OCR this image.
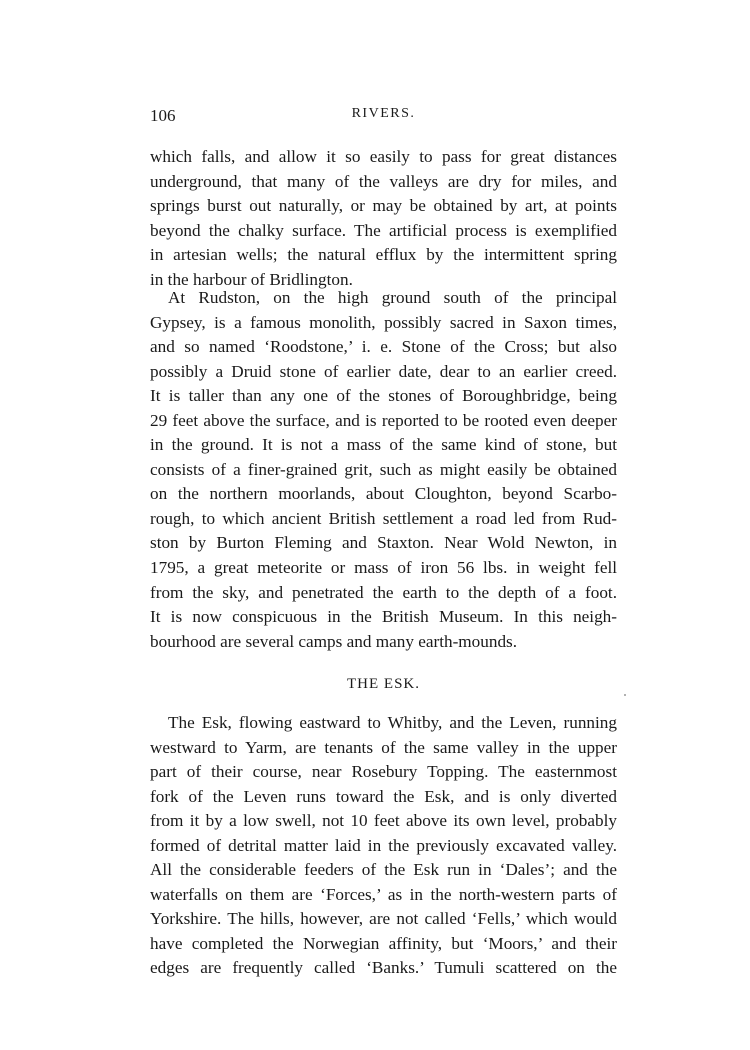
106	RIVERS.
which falls, and allow it so easily to pass for great distances
underground, that many of the valleys are dry for miles, and
springs burst out naturally, or may be obtained by art, at points
beyond the chalky surface. The artificial process is exemplified
in artesian wells; the natural efflux by the intermittent spring
in the harbour of Bridlington.
At Rudston, on the high ground south of the principal
Gypsey, is a famous monolith, possibly sacred in Saxon times,
and so named ‘Roodstone,’ i. e. Stone of the Cross; but also
possibly a Druid stone of earlier date, dear to an earlier creed.
It is taller than any one of the stones of Boroughbridge, being
29 feet above the surface, and is reported to be rooted even deeper
in the ground. It is not a mass of the same kind of stone, but
consists of a finer-grained grit, such as might easily be obtained
on the northern moorlands, about Cloughton, beyond Scarbo-
rough, to which ancient British settlement a road led from Rud-
ston by Burton Fleming and Staxton. Near Wold Newton, in
1795, a great meteorite or mass of iron 56 lbs. in weight fell
from the sky, and penetrated the earth to the depth of a foot.
It is now conspicuous in the British Museum. In this neigh-
bourhood are several camps and many earth-mounds.
THE ESK.
The Esk, flowing eastward to Whitby, and the Leven, running
westward to Yarm, are tenants of the same valley in the upper
part of their course, near Rosebury Topping. The easternmost
fork of the Leven runs toward the Esk, and is only diverted
from it by a low swell, not 10 feet above its own level, probably
formed of detrital matter laid in the previously excavated valley.
All the considerable feeders of the Esk run in ‘Dales’; and the
waterfalls on them are ‘Forces,’ as in the north-western parts of
Yorkshire. The hills, however, are not called ‘Fells,’ which would
have completed the Norwegian affinity, but ‘Moors,’ and their
edges are frequently called ‘Banks.’ Tumuli scattered on the
